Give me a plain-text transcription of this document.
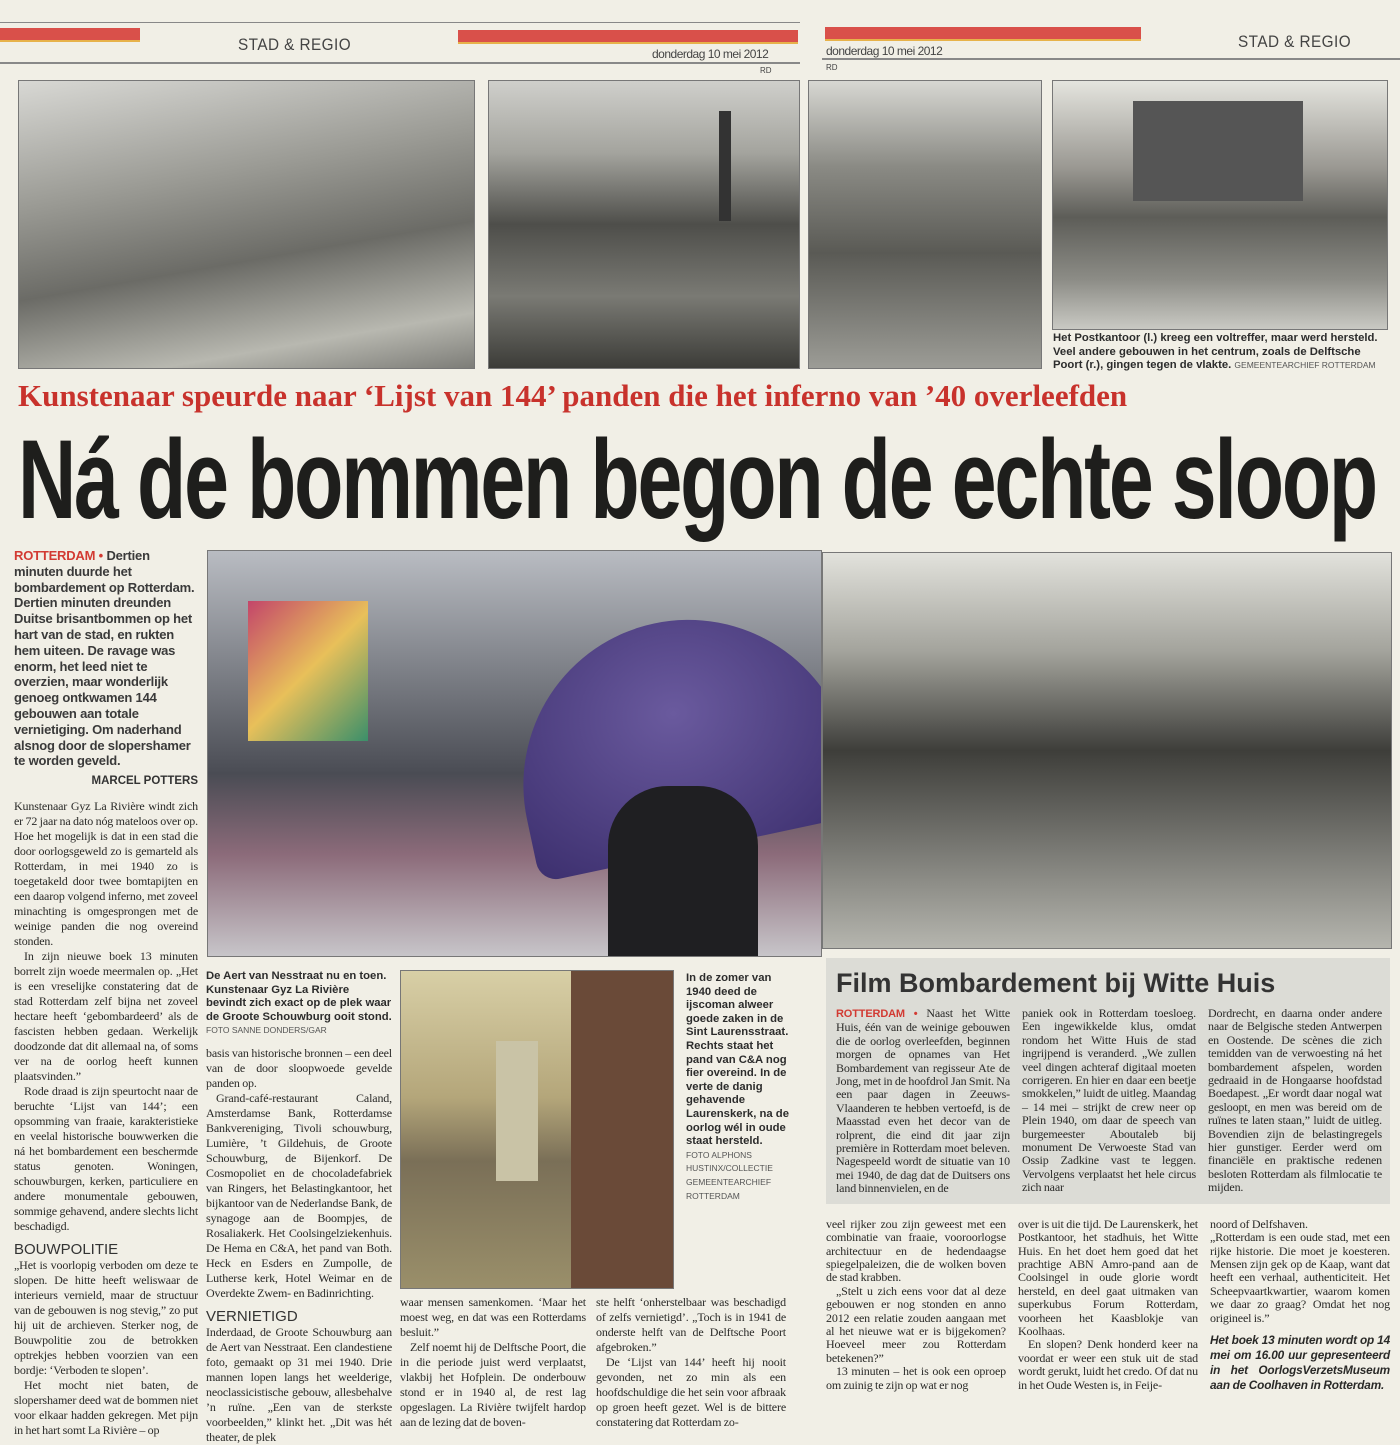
STAD & REGIO	donderdag 10 mei 2012
RD
STAD & REGIO
donderdag 10 mei 2012
RD
Het Postkantoor (l.) kreeg een voltreffer, maar werd hersteld. Veel andere gebouwen in het centrum, zoals de Delftsche Poort (r.), gingen tegen de vlakte. GEMEENTEARCHIEF ROTTERDAM
Kunstenaar speurde naar ‘Lijst van 144’ panden die het inferno van ’40 overleefden
Ná de bommen begon de echte sloop
ROTTERDAM • Dertien minuten duurde het bombardement op Rotterdam. Dertien minuten dreunden Duitse brisantbommen op het hart van de stad, en rukten hem uiteen. De ravage was enorm, het leed niet te overzien, maar wonderlijk genoeg ontkwamen 144 gebouwen aan totale vernietiging. Om naderhand alsnog door de slopershamer te worden geveld.
MARCEL POTTERS

Kunstenaar Gyz La Rivière windt zich er 72 jaar na dato nóg mateloos over op. Hoe het mogelijk is dat in een stad die door oorlogsgeweld zo is gemarteld als Rotterdam, in mei 1940 zo is toegetakeld door twee bomtapijten en een daarop volgend inferno, met zoveel minachting is omgesprongen met de weinige panden die nog overeind stonden.

In zijn nieuwe boek 13 minuten borrelt zijn woede meermalen op. „Het is een vreselijke constatering dat de stad Rotterdam zelf bijna net zoveel hectare heeft ‘gebombardeerd’ als de fascisten hebben gedaan. Werkelijk doodzonde dat dit allemaal na, of soms ver na de oorlog heeft kunnen plaatsvinden.”

Rode draad is zijn speurtocht naar de beruchte ‘Lijst van 144’; een opsomming van fraaie, karakteristieke en veelal historische bouwwerken die ná het bombardement een beschermde status genoten. Woningen, schouwburgen, kerken, particuliere en andere monumentale gebouwen, sommige gehavend, andere slechts licht beschadigd.

BOUWPOLITIE

„Het is voorlopig verboden om deze te slopen. De hitte heeft weliswaar de interieurs vernield, maar de structuur van de gebouwen is nog stevig,” zo put hij uit de archieven. Sterker nog, de Bouwpolitie zou de betrokken optrekjes hebben voorzien van een bordje: ‘Verboden te slopen’.

Het mocht niet baten, de slopershamer deed wat de bommen niet voor elkaar hadden gekregen. Met pijn in het hart somt La Rivière – op

De Aert van Nesstraat nu en toen. Kunstenaar Gyz La Rivière bevindt zich exact op de plek waar de Groote Schouwburg ooit stond. FOTO SANNE DONDERS/GAR

basis van historische bronnen – een deel van de door sloopwoede gevelde panden op.

Grand-café-restaurant Caland, Amsterdamse Bank, Rotterdamse Bankvereniging, Tivoli schouwburg, Lumière, ’t Gildehuis, de Groote Schouwburg, de Bijenkorf. De Cosmopoliet en de chocoladefabriek van Ringers, het Belastingkantoor, het bijkantoor van de Nederlandse Bank, de synagoge aan de Boompjes, de Rosaliakerk. Het Coolsingelziekenhuis. De Hema en C&A, het pand van Both. Heck en Esders en Zumpolle, de Lutherse kerk, Hotel Weimar en de Overdekte Zwem- en Badinrichting.

VERNIETIGD

Inderdaad, de Groote Schouwburg aan de Aert van Nesstraat. Een clandestiene foto, gemaakt op 31 mei 1940. Drie mannen lopen langs het weelderige, neoclassicistische gebouw, allesbehalve ’n ruïne. „Een van de sterkste voorbeelden,” klinkt het. „Dit was hét theater, de plek

In de zomer van 1940 deed de ijscoman alweer goede zaken in de Sint Laurensstraat. Rechts staat het pand van C&A nog fier overeind. In de verte de danig gehavende Laurenskerk, na de oorlog wél in oude staat hersteld.
FOTO ALPHONS HUSTINX/COLLECTIE GEMEENTEARCHIEF ROTTERDAM

waar mensen samenkomen. ‘Maar het moest weg, en dat was een Rotterdams besluit.”

Zelf noemt hij de Delftsche Poort, die in die periode juist werd verplaatst, vlakbij het Hofplein. De onderbouw stond er in 1940 al, de rest lag opgeslagen. La Rivière twijfelt hardop aan de lezing dat de boven-

ste helft ‘onherstelbaar was beschadigd of zelfs vernietigd’. „Toch is in 1941 de onderste helft van de Delftsche Poort afgebroken.”

De ‘Lijst van 144’ heeft hij nooit gevonden, net zo min als een hoofdschuldige die het sein voor afbraak op groen heeft gezet. Wel is de bittere constatering dat Rotterdam zo-

Film Bombardement bij Witte Huis

ROTTERDAM • Naast het Witte Huis, één van de weinige gebouwen die de oorlog overleefden, beginnen morgen de opnames van Het Bombardement van regisseur Ate de Jong, met in de hoofdrol Jan Smit. Na een paar dagen in Zeeuws-Vlaanderen te hebben vertoefd, is de Maasstad even het decor van de rolprent, die eind dit jaar zijn première in Rotterdam moet beleven. Nagespeeld wordt de situatie van 10 mei 1940, de dag dat de Duitsers ons land binnenvielen, en de

paniek ook in Rotterdam toesloeg. Een ingewikkelde klus, omdat rondom het Witte Huis de stad ingrijpend is veranderd. „We zullen veel dingen achteraf digitaal moeten corrigeren. En hier en daar een beetje smokkelen,” luidt de uitleg. Maandag – 14 mei – strijkt de crew neer op Plein 1940, om daar de speech van burgemeester Aboutaleb bij monument De Verwoeste Stad van Ossip Zadkine vast te leggen. Vervolgens verplaatst het hele circus zich naar

Dordrecht, en daarna onder andere naar de Belgische steden Antwerpen en Oostende. De scènes die zich temidden van de verwoesting ná het bombardement afspelen, worden gedraaid in de Hongaarse hoofdstad Boedapest. „Er wordt daar nogal wat gesloopt, en men was bereid om de ruïnes te laten staan,” luidt de uitleg. Bovendien zijn de belastingregels hier gunstiger. Eerder werd om financiële en praktische redenen besloten Rotterdam als filmlocatie te mijden.

veel rijker zou zijn geweest met een combinatie van fraaie, vooroorlogse architectuur en de hedendaagse spiegelpaleizen, die de wolken boven de stad krabben.

„Stelt u zich eens voor dat al deze gebouwen er nog stonden en anno 2012 een relatie zouden aangaan met al het nieuwe wat er is bijgekomen? Hoeveel meer zou Rotterdam betekenen?”

13 minuten – het is ook een oproep om zuinig te zijn op wat er nog

over is uit die tijd. De Laurenskerk, het Postkantoor, het stadhuis, het Witte Huis. En het doet hem goed dat het prachtige ABN Amro-pand aan de Coolsingel in oude glorie wordt hersteld, en deel gaat uitmaken van superkubus Forum Rotterdam, voorheen het Kaasblokje van Koolhaas.

En slopen? Denk honderd keer na voordat er weer een stuk uit de stad wordt gerukt, luidt het credo. Of dat nu in het Oude Westen is, in Feije-

noord of Delfshaven.

„Rotterdam is een oude stad, met een rijke historie. Die moet je koesteren. Mensen zijn gek op de Kaap, want dat heeft een verhaal, authenticiteit. Het Scheepvaartkwartier, waarom komen we daar zo graag? Omdat het nog origineel is.”

Het boek 13 minuten wordt op 14 mei om 16.00 uur gepresenteerd in het OorlogsVerzetsMuseum aan de Coolhaven in Rotterdam.
